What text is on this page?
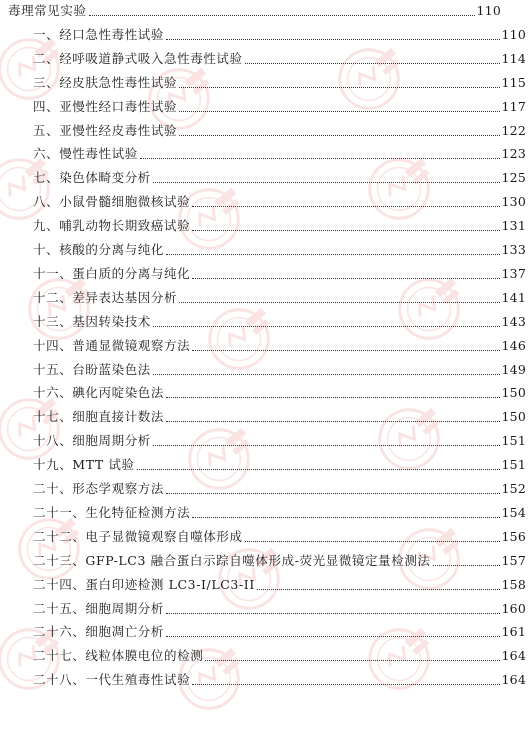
毒理常见实验	110
一、经口急性毒性试验	110
二、经呼吸道静式吸入急性毒性试验	114
三、经皮肤急性毒性试验	115
四、亚慢性经口毒性试验	117
五、亚慢性经皮毒性试验	122
六、慢性毒性试验	123
七、染色体畸变分析	125
八、小鼠骨髓细胞微核试验	130
九、哺乳动物长期致癌试验	131
十、核酸的分离与纯化	133
十一、蛋白质的分离与纯化	137
十二、差异表达基因分析	141
十三、基因转染技术	143
十四、普通显微镜观察方法	146
十五、台盼蓝染色法	149
十六、碘化丙啶染色法	150
十七、细胞直接计数法	150
十八、细胞周期分析	151
十九、MTT 试验	151
二十、形态学观察方法	152
二十一、生化特征检测方法	154
二十二、电子显微镜观察自噬体形成	156
二十三、GFP-LC3 融合蛋白示踪自噬体形成-荧光显微镜定量检测法	157
二十四、蛋白印迹检测 LC3-I/LC3-II	158
二十五、细胞周期分析	160
二十六、细胞凋亡分析	161
二十七、线粒体膜电位的检测	164
二十八、一代生殖毒性试验	164
